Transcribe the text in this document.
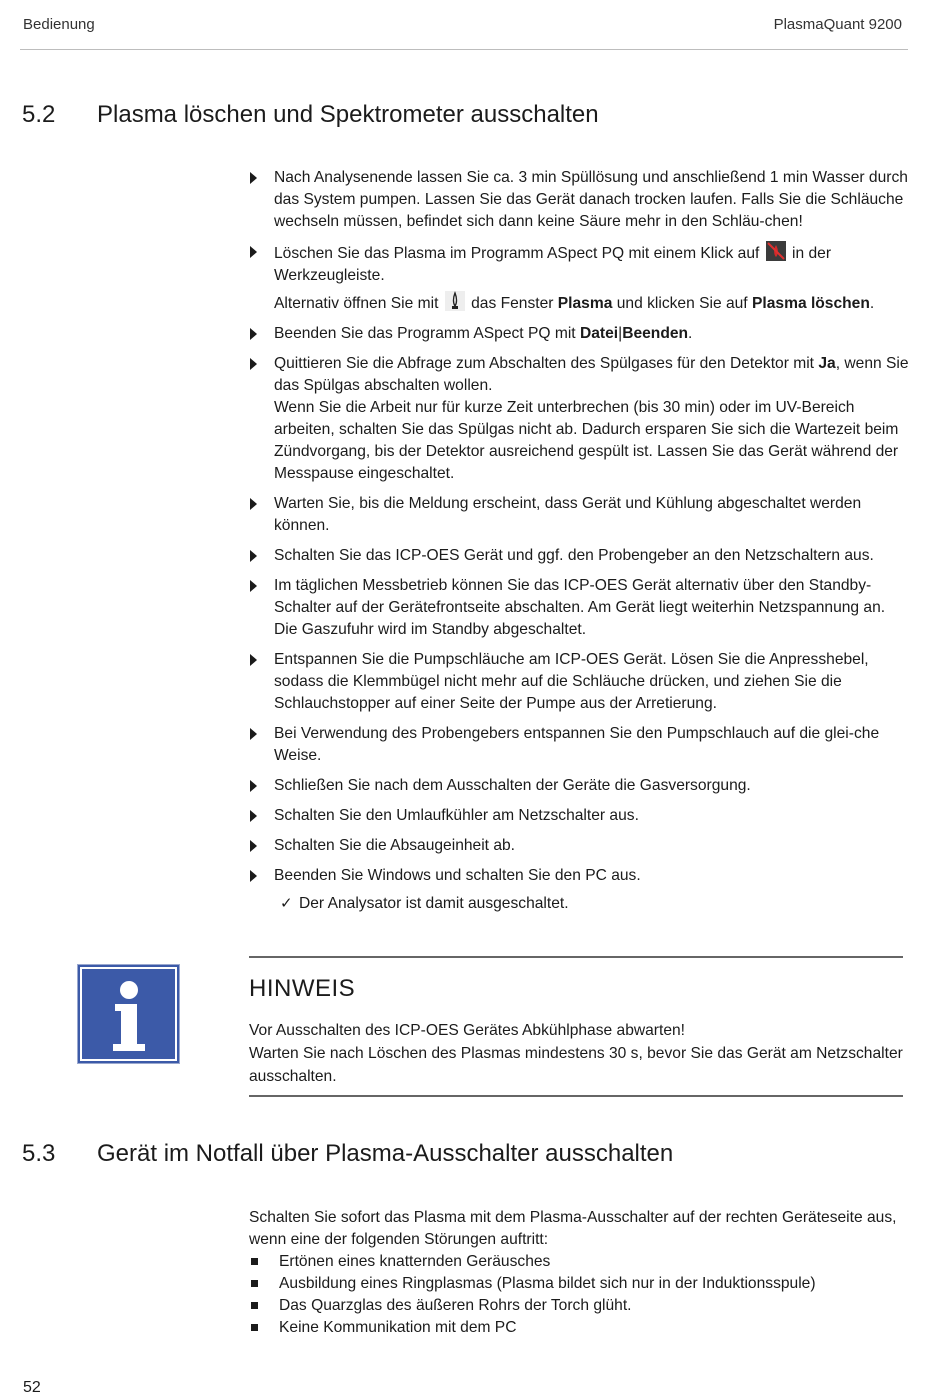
Bedienung	PlasmaQuant 9200
5.2 Plasma löschen und Spektrometer ausschalten
Nach Analysenende lassen Sie ca. 3 min Spüllösung und anschließend 1 min Wasser durch das System pumpen. Lassen Sie das Gerät danach trocken laufen. Falls Sie die Schläuche wechseln müssen, befindet sich dann keine Säure mehr in den Schläu-chen!
Löschen Sie das Plasma im Programm ASpect PQ mit einem Klick auf in der Werkzeugleiste.
Alternativ öffnen Sie mit das Fenster Plasma und klicken Sie auf Plasma löschen.
Beenden Sie das Programm ASpect PQ mit Datei|Beenden.
Quittieren Sie die Abfrage zum Abschalten des Spülgases für den Detektor mit Ja, wenn Sie das Spülgas abschalten wollen.
Wenn Sie die Arbeit nur für kurze Zeit unterbrechen (bis 30 min) oder im UV-Bereich arbeiten, schalten Sie das Spülgas nicht ab. Dadurch ersparen Sie sich die Wartezeit beim Zündvorgang, bis der Detektor ausreichend gespült ist. Lassen Sie das Gerät während der Messpause eingeschaltet.
Warten Sie, bis die Meldung erscheint, dass Gerät und Kühlung abgeschaltet werden können.
Schalten Sie das ICP-OES Gerät und ggf. den Probengeber an den Netzschaltern aus.
Im täglichen Messbetrieb können Sie das ICP-OES Gerät alternativ über den Standby-Schalter auf der Gerätefrontseite abschalten. Am Gerät liegt weiterhin Netzspannung an. Die Gaszufuhr wird im Standby abgeschaltet.
Entspannen Sie die Pumpschläuche am ICP-OES Gerät. Lösen Sie die Anpresshebel, sodass die Klemmbügel nicht mehr auf die Schläuche drücken, und ziehen Sie die Schlauchstopper auf einer Seite der Pumpe aus der Arretierung.
Bei Verwendung des Probengebers entspannen Sie den Pumpschlauch auf die glei-che Weise.
Schließen Sie nach dem Ausschalten der Geräte die Gasversorgung.
Schalten Sie den Umlaufkühler am Netzschalter aus.
Schalten Sie die Absaugeinheit ab.
Beenden Sie Windows und schalten Sie den PC aus.
✓ Der Analysator ist damit ausgeschaltet.
HINWEIS
Vor Ausschalten des ICP-OES Gerätes Abkühlphase abwarten!
Warten Sie nach Löschen des Plasmas mindestens 30 s, bevor Sie das Gerät am Netzschalter ausschalten.
5.3 Gerät im Notfall über Plasma-Ausschalter ausschalten
Schalten Sie sofort das Plasma mit dem Plasma-Ausschalter auf der rechten Geräteseite aus, wenn eine der folgenden Störungen auftritt:
Ertönen eines knatternden Geräusches
Ausbildung eines Ringplasmas (Plasma bildet sich nur in der Induktionsspule)
Das Quarzglas des äußeren Rohrs der Torch glüht.
Keine Kommunikation mit dem PC
52
